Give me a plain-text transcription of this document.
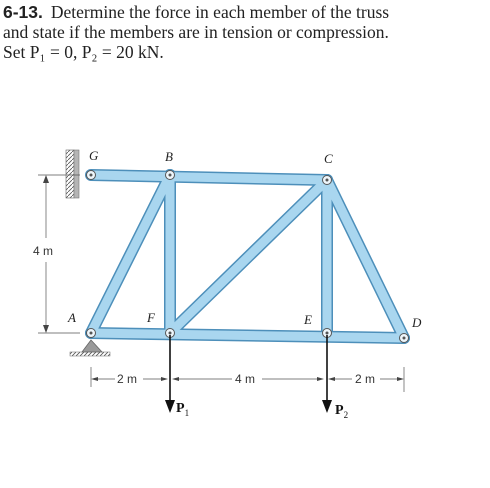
6-13. Determine the force in each member of the truss
and state if the members are in tension or compression.
Set P₁ = 0, P₂ = 20 kN.
G	B	C
A	F	E	D
4 m
2 m	4 m	2 m
$P_1$	$P_2$
